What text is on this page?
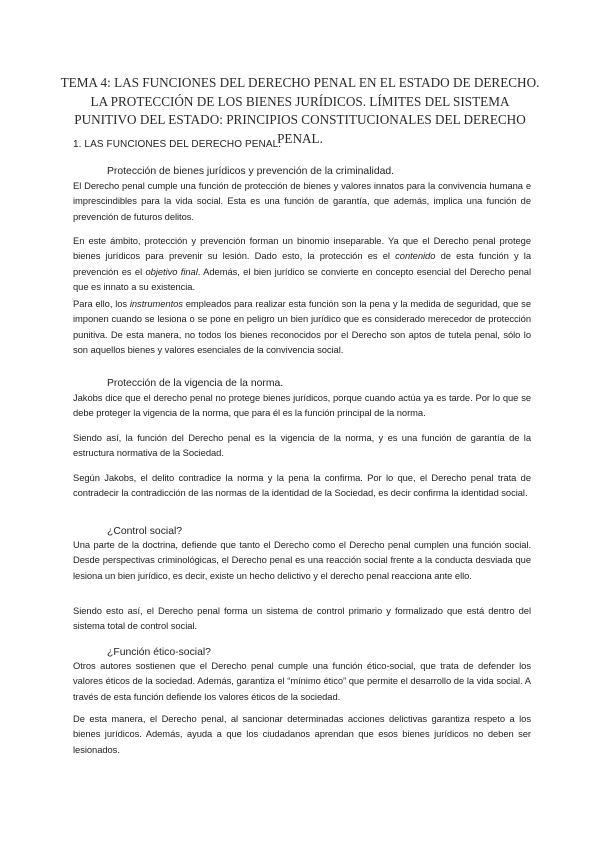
TEMA 4: LAS FUNCIONES DEL DERECHO PENAL EN EL ESTADO DE DERECHO. LA PROTECCIÓN DE LOS BIENES JURÍDICOS. LÍMITES DEL SISTEMA PUNITIVO DEL ESTADO: PRINCIPIOS CONSTITUCIONALES DEL DERECHO PENAL.
1. LAS FUNCIONES DEL DERECHO PENAL.
Protección de bienes jurídicos y prevención de la criminalidad.
El Derecho penal cumple una función de protección de bienes y valores innatos para la convivencia humana e imprescindibles para la vida social. Esta es una función de garantía, que además, implica una función de prevención de futuros delitos.
En este ámbito, protección y prevención forman un binomio inseparable. Ya que el Derecho penal protege bienes jurídicos para prevenir su lesión. Dado esto, la protección es el contenido de esta función y la prevención es el objetivo final. Además, el bien jurídico se convierte en concepto esencial del Derecho penal que es innato a su existencia.
Para ello, los instrumentos empleados para realizar esta función son la pena y la medida de seguridad, que se imponen cuando se lesiona o se pone en peligro un bien jurídico que es considerado merecedor de protección punitiva. De esta manera, no todos los bienes reconocidos por el Derecho son aptos de tutela penal, sólo lo son aquellos bienes y valores esenciales de la convivencia social.
Protección de la vigencia de la norma.
Jakobs dice que el derecho penal no protege bienes jurídicos, porque cuando actúa ya es tarde. Por lo que se debe proteger la vigencia de la norma, que para él es la función principal de la norma.
Siendo así, la función del Derecho penal es la vigencia de la norma, y es una función de garantía de la estructura normativa de la Sociedad.
Según Jakobs, el delito contradice la norma y la pena la confirma. Por lo que, el Derecho penal trata de contradecir la contradicción de las normas de la identidad de la Sociedad, es decir confirma la identidad social.
¿Control social?
Una parte de la doctrina, defiende que tanto el Derecho como el Derecho penal cumplen una función social. Desde perspectivas criminológicas, el Derecho penal es una reacción social frente a la conducta desviada que lesiona un bien jurídico, es decir, existe un hecho delictivo y el derecho penal reacciona ante ello.
Siendo esto así, el Derecho penal forma un sistema de control primario y formalizado que está dentro del sistema total de control social.
¿Función ético-social?
Otros autores sostienen que el Derecho penal cumple una función ético-social, que trata de defender los valores éticos de la sociedad. Además, garantiza el “mínimo ético” que permite el desarrollo de la vida social. A través de esta función defiende los valores éticos de la sociedad.
De esta manera, el Derecho penal, al sancionar determinadas acciones delictivas garantiza respeto a los bienes jurídicos. Además, ayuda a que los ciudadanos aprendan que esos bienes jurídicos no deben ser lesionados.
